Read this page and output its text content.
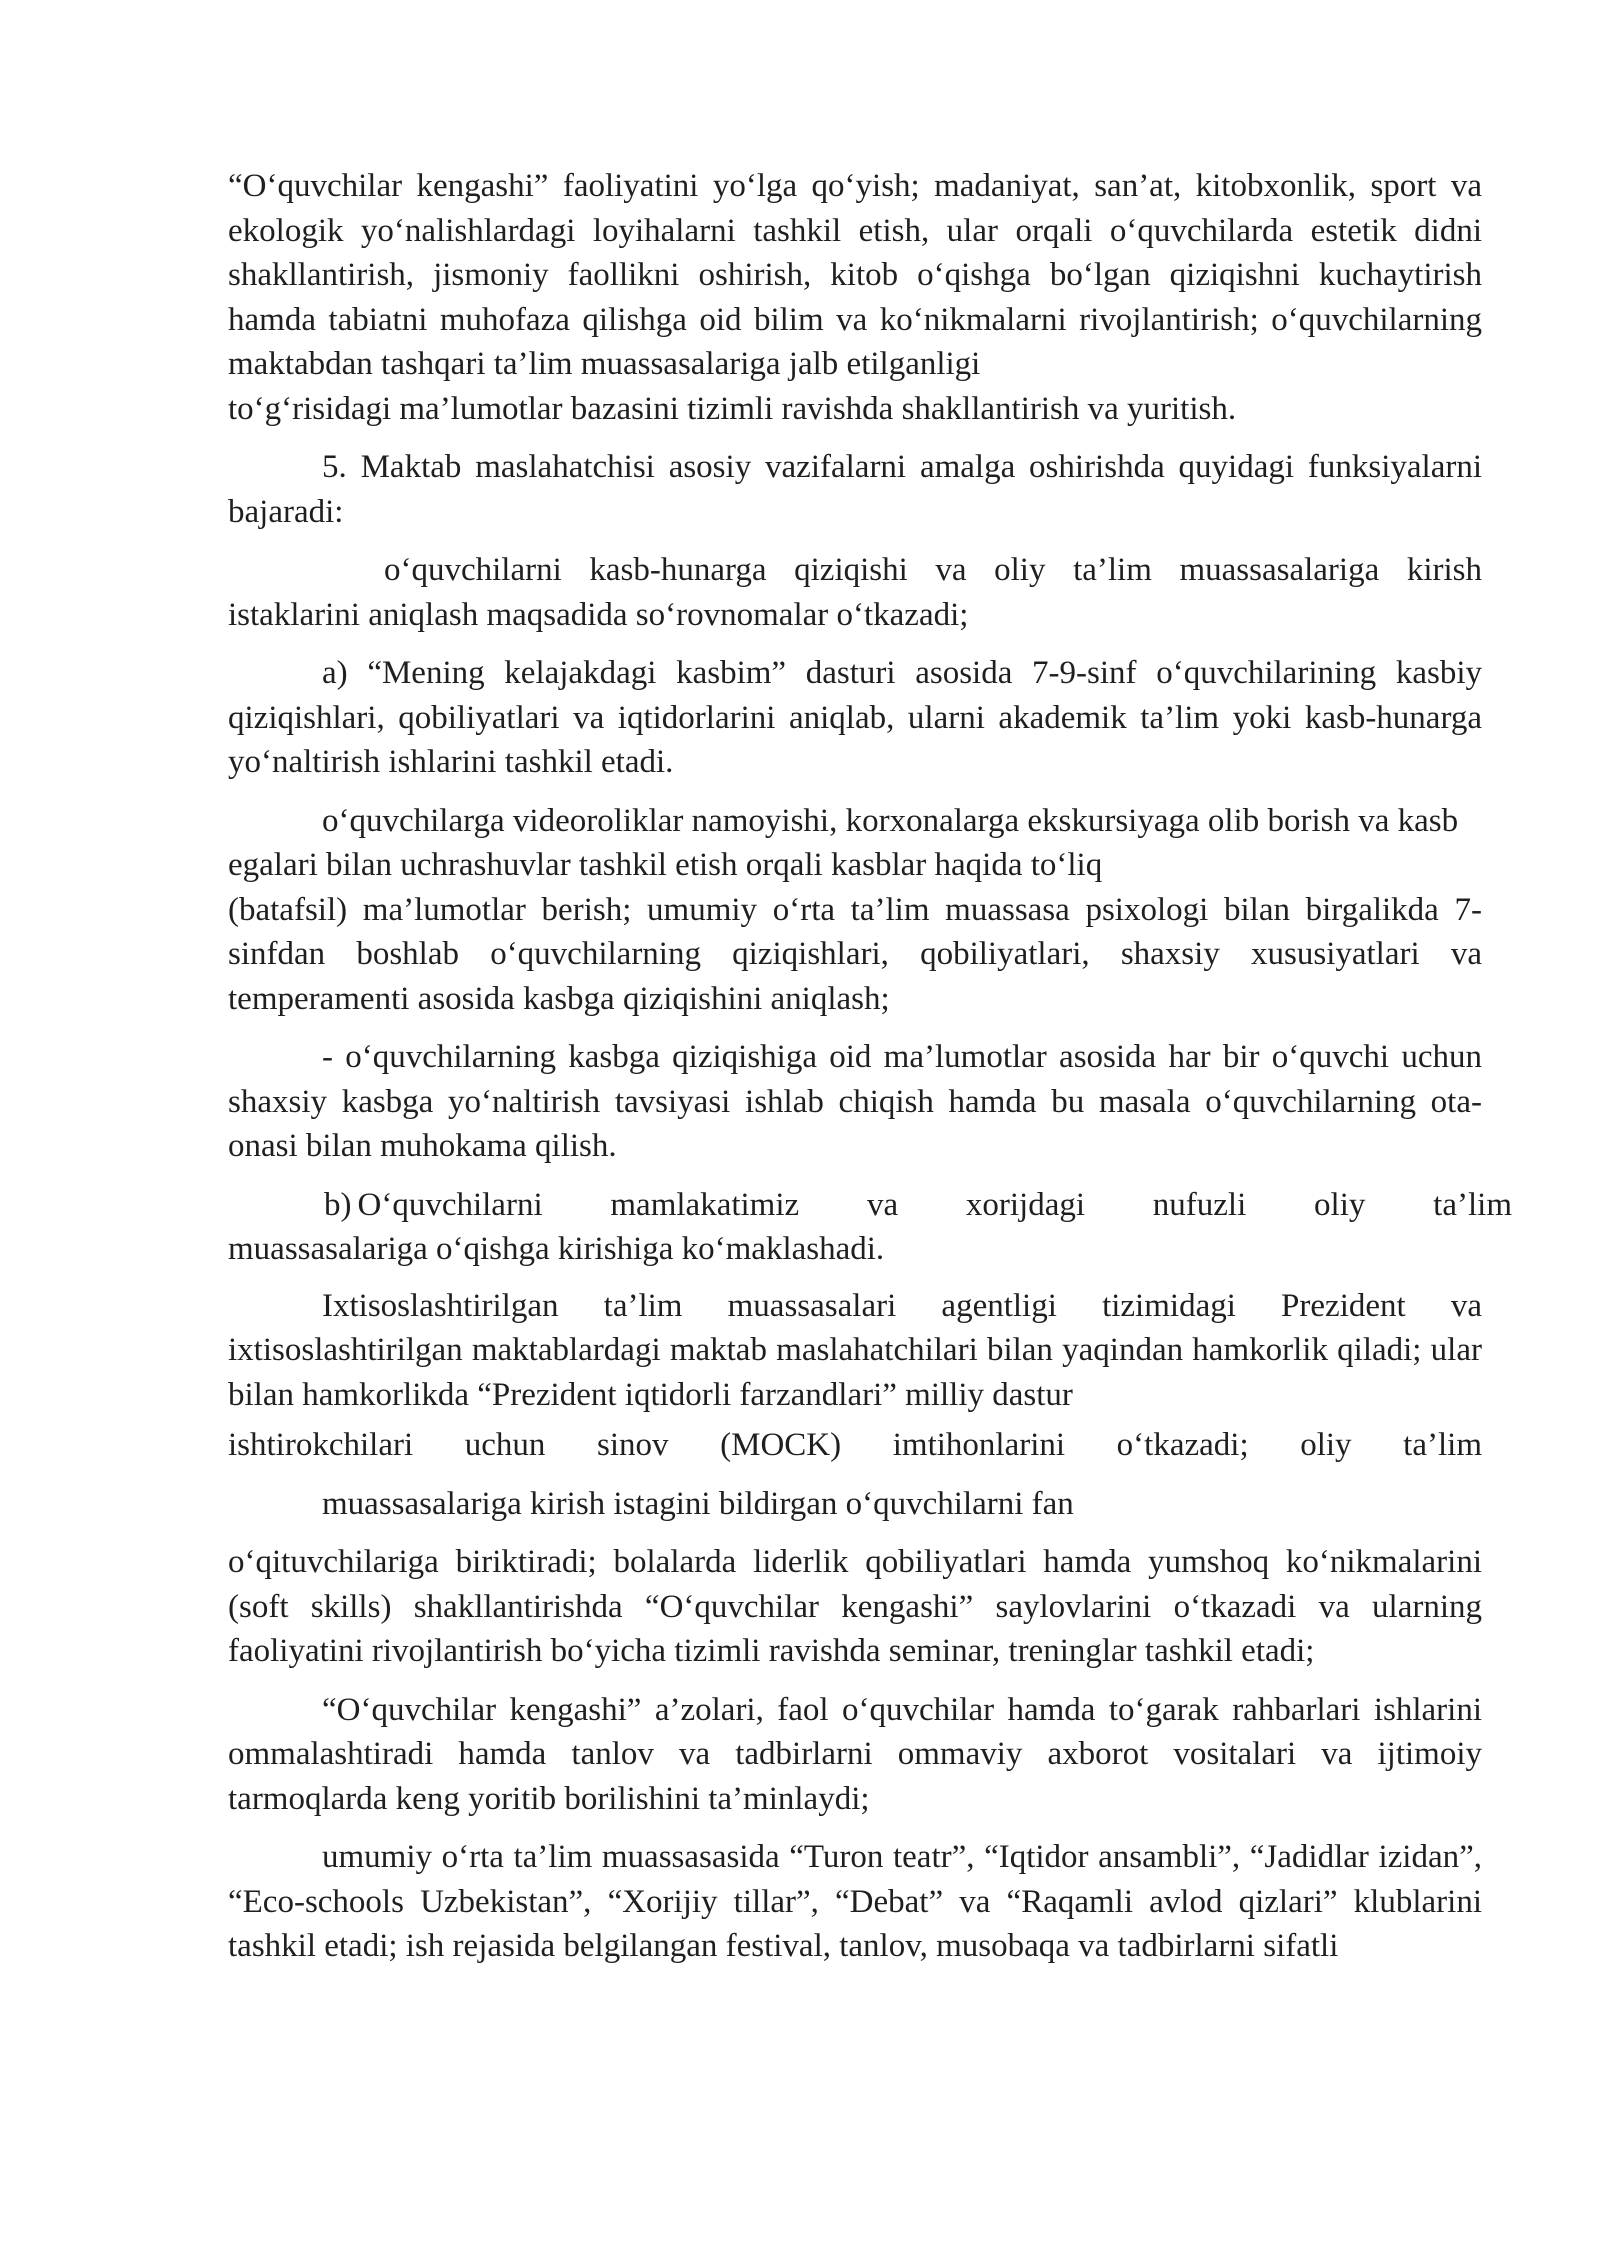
“Oʻquvchilar kengashi” faoliyatini yoʻlga qoʻyish; madaniyat, san’at, kitobxonlik, sport va ekologik yoʻnalishlardagi loyihalarni tashkil etish, ular orqali oʻquvchilarda estetik didni shakllantirish, jismoniy faollikni oshirish, kitob oʻqishga boʻlgan qiziqishni kuchaytirish hamda tabiatni muhofaza qilishga oid bilim va koʻnikmalarni rivojlantirish; oʻquvchilarning maktabdan tashqari ta’lim muassasalariga jalb etilganligi

toʻgʻrisidagi ma’lumotlar bazasini tizimli ravishda shakllantirish va yuritish.

5. Maktab maslahatchisi asosiy vazifalarni amalga oshirishda quyidagi funksiyalarni bajaradi:

oʻquvchilarni kasb-hunarga qiziqishi va oliy ta’lim muassasalariga kirish istaklarini aniqlash maqsadida soʻrovnomalar oʻtkazadi;

a) “Mening kelajakdagi kasbim” dasturi asosida 7-9-sinf oʻquvchilarining kasbiy qiziqishlari, qobiliyatlari va iqtidorlarini aniqlab, ularni akademik ta’lim yoki kasb-hunarga yoʻnaltirish ishlarini tashkil etadi.

oʻquvchilarga videoroliklar namoyishi, korxonalarga ekskursiyaga olib borish va kasb egalari bilan uchrashuvlar tashkil etish orqali kasblar haqida toʻliq

(batafsil) ma’lumotlar berish; umumiy oʻrta ta’lim muassasa psixologi bilan birgalikda 7-sinfdan boshlab oʻquvchilarning qiziqishlari, qobiliyatlari, shaxsiy xususiyatlari va temperamenti asosida kasbga qiziqishini aniqlash;

- oʻquvchilarning kasbga qiziqishiga oid ma’lumotlar asosida har bir oʻquvchi uchun shaxsiy kasbga yoʻnaltirish tavsiyasi ishlab chiqish hamda bu masala oʻquvchilarning ota-onasi bilan muhokama qilish.

b) Oʻquvchilarni mamlakatimiz va xorijdagi nufuzli oliy ta’lim
muassasalariga oʻqishga kirishiga koʻmaklashadi.

Ixtisoslashtirilgan ta’lim muassasalari agentligi tizimidagi Prezident va ixtisoslashtirilgan maktablardagi maktab maslahatchilari bilan yaqindan hamkorlik qiladi; ular bilan hamkorlikda “Prezident iqtidorli farzandlari” milliy dastur

ishtirokchilari uchun sinov (MOCK) imtihonlarini oʻtkazadi; oliy ta’lim

muassasalariga kirish istagini bildirgan oʻquvchilarni fan

oʻqituvchilariga biriktiradi; bolalarda liderlik qobiliyatlari hamda yumshoq koʻnikmalarini (soft skills) shakllantirishda “Oʻquvchilar kengashi” saylovlarini oʻtkazadi va ularning faoliyatini rivojlantirish boʻyicha tizimli ravishda seminar, treninglar tashkil etadi;

“Oʻquvchilar kengashi” a’zolari, faol oʻquvchilar hamda toʻgarak rahbarlari ishlarini ommalashtiradi hamda tanlov va tadbirlarni ommaviy axborot vositalari va ijtimoiy tarmoqlarda keng yoritib borilishini ta’minlaydi;

umumiy oʻrta ta’lim muassasasida “Turon teatr”, “Iqtidor ansambli”, “Jadidlar izidan”, “Eco-schools Uzbekistan”, “Xorijiy tillar”, “Debat” va “Raqamli avlod qizlari” klublarini tashkil etadi; ish rejasida belgilangan festival, tanlov, musobaqa va tadbirlarni sifatli
